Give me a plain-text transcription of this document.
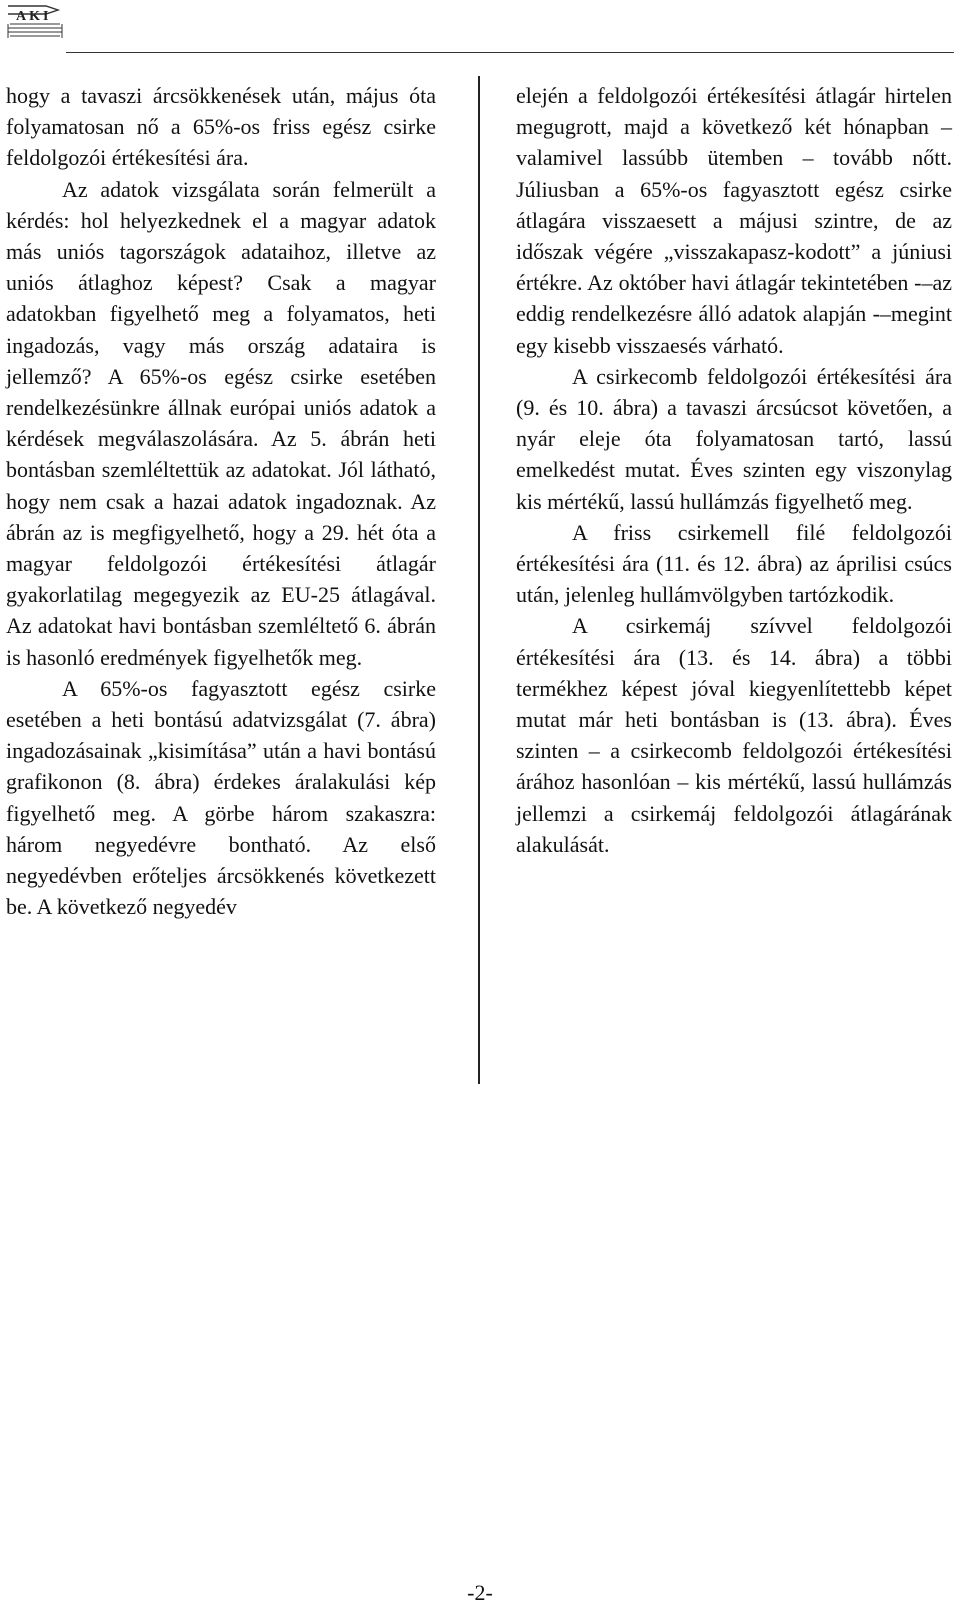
AKI

hogy a tavaszi árcsökkenések után, május óta folyamatosan nő a 65%-os friss egész csirke feldolgozói értékesítési ára.

Az adatok vizsgálata során felmerült a kérdés: hol helyezkednek el a magyar adatok más uniós tagországok adataihoz, illetve az uniós átlaghoz képest? Csak a magyar adatokban figyelhető meg a folyamatos, heti ingadozás, vagy más ország adataira is jellemző? A 65%-os egész csirke esetében rendelkezésünkre állnak európai uniós adatok a kérdések megválaszolására. Az 5. ábrán heti bontásban szemléltettük az adatokat. Jól látható, hogy nem csak a hazai adatok ingadoznak. Az ábrán az is megfigyelhető, hogy a 29. hét óta a magyar feldolgozói értékesítési átlagár gyakorlatilag megegyezik az EU-25 átlagával. Az adatokat havi bontásban szemléltető 6. ábrán is hasonló eredmények figyelhetők meg.

A 65%-os fagyasztott egész csirke esetében a heti bontású adatvizsgálat (7. ábra) ingadozásainak „kisimítása” után a havi bontású grafikonon (8. ábra) érdekes áralakulási kép figyelhető meg. A görbe három szakaszra: három negyedévre bontható. Az első negyedévben erőteljes árcsökkenés következett be. A következő negyedév

elején a feldolgozói értékesítési átlagár hirtelen megugrott, majd a következő két hónapban – valamivel lassúbb ütemben – tovább nőtt. Júliusban a 65%-os fagyasztott egész csirke átlagára visszaesett a májusi szintre, de az időszak végére „visszakapasz-kodott” a júniusi értékre. Az október havi átlagár tekintetében -–az eddig rendelkezésre álló adatok alapján -–megint egy kisebb visszaesés várható.

A csirkecomb feldolgozói értékesítési ára (9. és 10. ábra) a tavaszi árcsúcsot követően, a nyár eleje óta folyamatosan tartó, lassú emelkedést mutat. Éves szinten egy viszonylag kis mértékű, lassú hullámzás figyelhető meg.

A friss csirkemell filé feldolgozói értékesítési ára (11. és 12. ábra) az áprilisi csúcs után, jelenleg hullámvölgyben tartózkodik.

A csirkemáj szívvel feldolgozói értékesítési ára (13. és 14. ábra) a többi termékhez képest jóval kiegyenlítettebb képet mutat már heti bontásban is (13. ábra). Éves szinten – a csirkecomb feldolgozói értékesítési árához hasonlóan – kis mértékű, lassú hullámzás jellemzi a csirkemáj feldolgozói átlagárának alakulását.

-2-
